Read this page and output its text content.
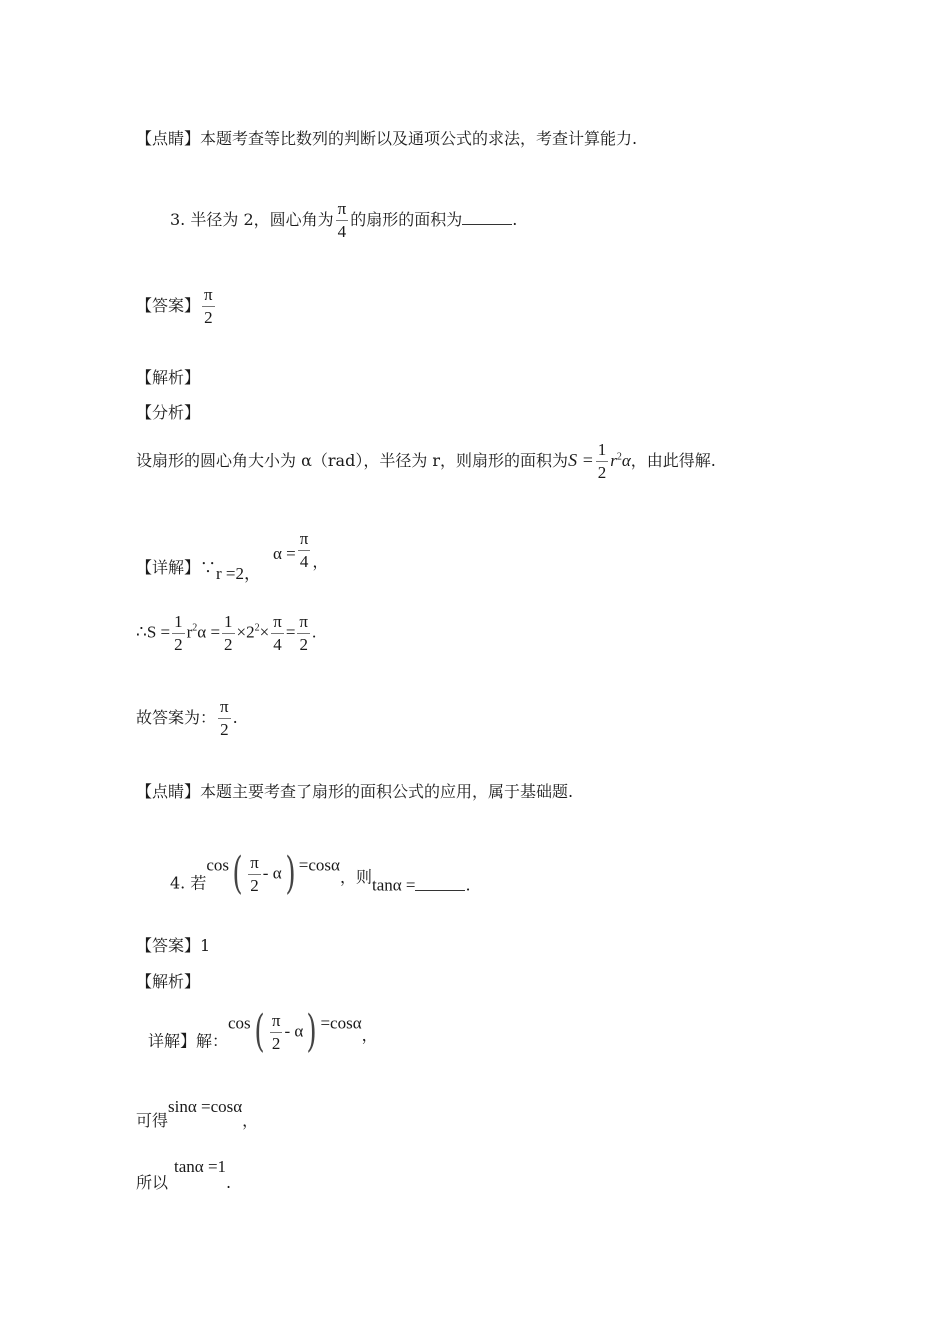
【点睛】本题考查等比数列的判断以及通项公式的求法，考查计算能力.
3. 半径为 2，圆心角为 $\frac{\pi}{4}$ 的扇形的面积为	.
【答案】 $\frac{\pi}{2}$
【解析】
【分析】
设扇形的圆心角大小为 α（rad），半径为 r，则扇形的面积为$S = \frac{1}{2} r^2\alpha$，由此得解.
【详解】∵r =2，$\alpha = \frac{\pi}{4}$ ，
∴S = $\frac{1}{2} r^2\alpha = \frac{1}{2} \times 2^2\times \frac{\pi}{4} = \frac{\pi}{2}$ .
故答案为： $\frac{\pi}{2}$ .
【点睛】本题主要考查了扇形的面积公式的应用，属于基础题.
4. 若$\cos( \frac{\pi}{2} - \alpha) =\cos\alpha$，则tanα =	.
【答案】1
【解析】
详解】解：$\cos( \frac{\pi}{2} - \alpha) =\cos\alpha$，
可得sinα =cosα，
所以tanα =1.
